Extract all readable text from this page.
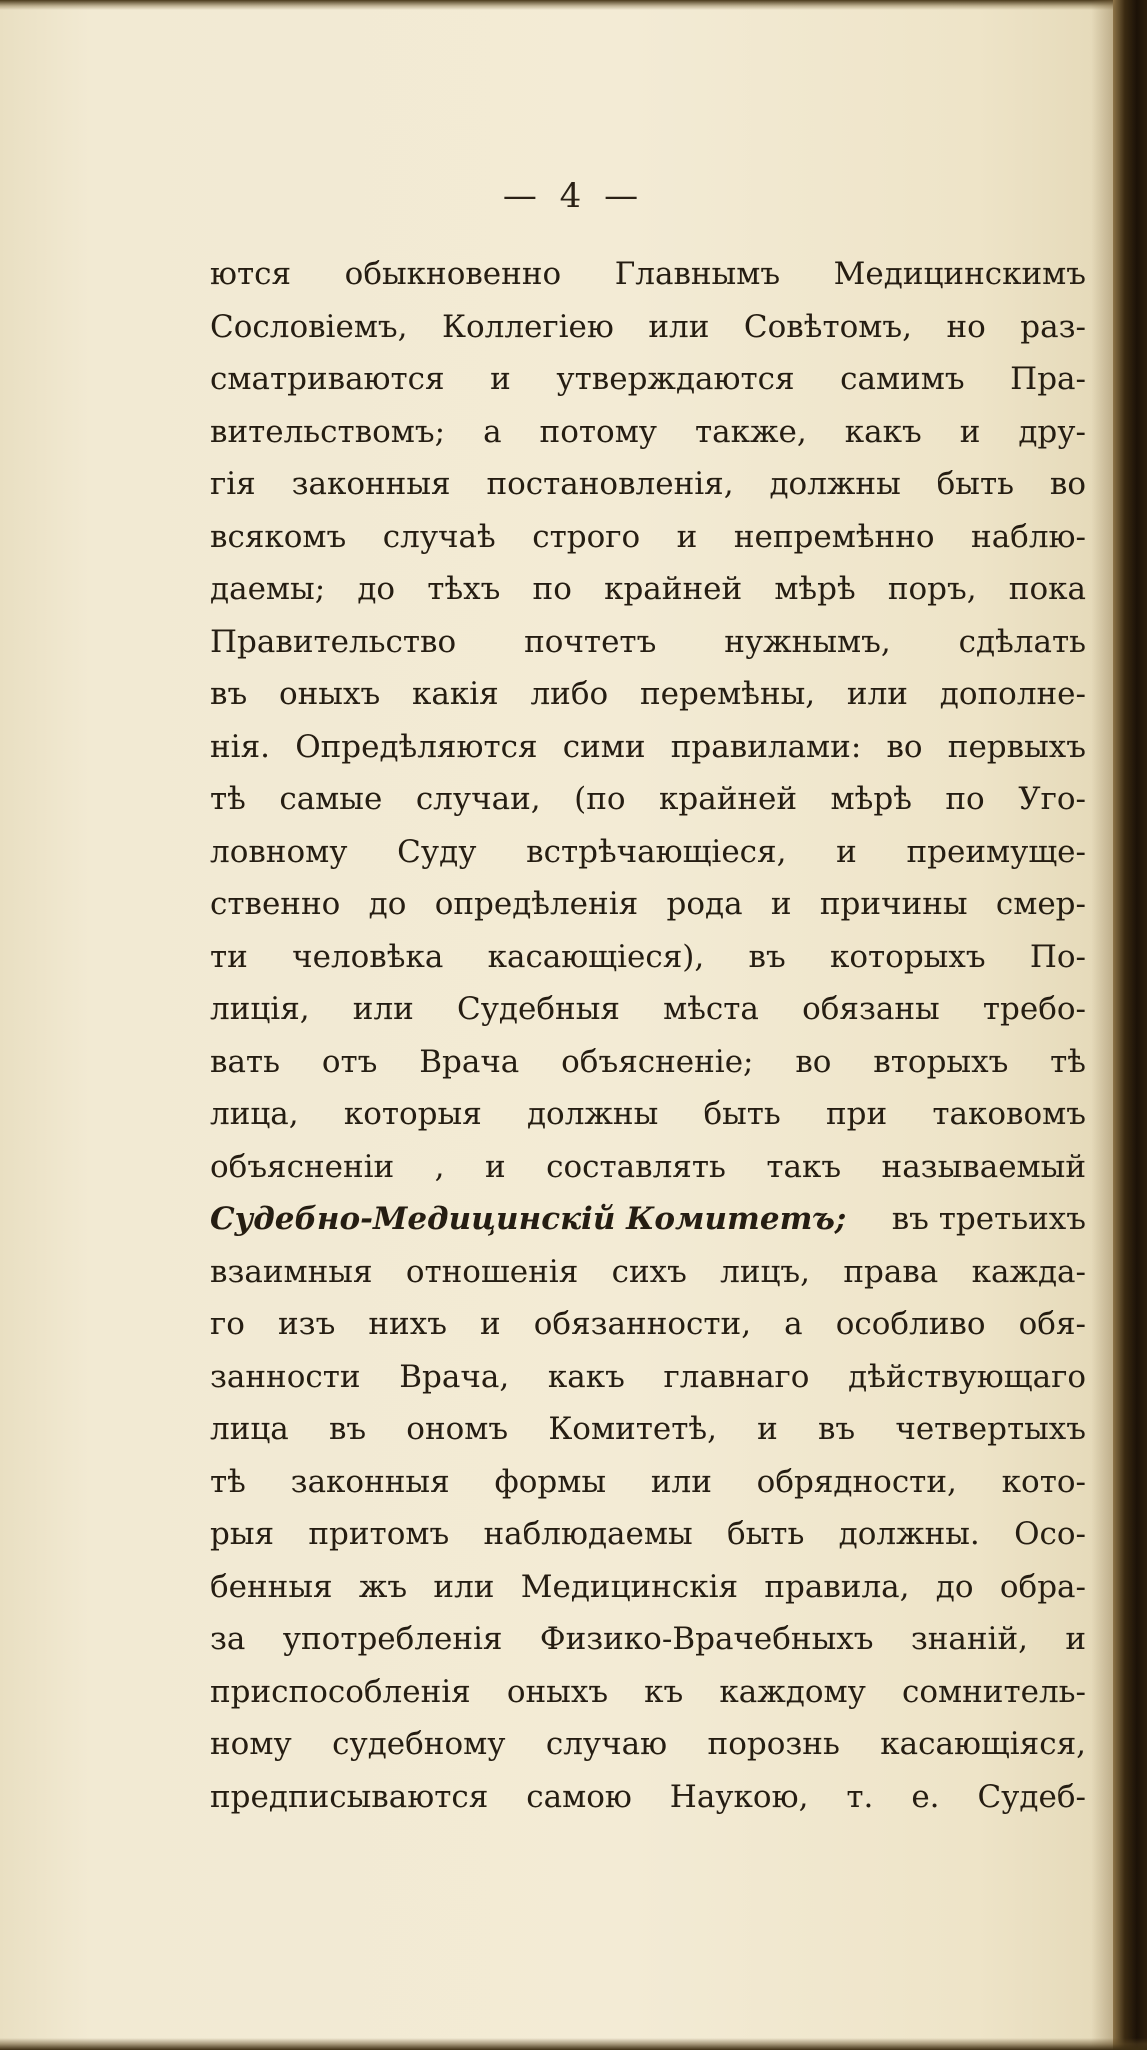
— 4 —
ются обыкновенно Главнымъ Медицинскимъ
Сословіемъ, Коллегіею или Совѣтомъ, но раз-
сматриваются и утверждаются самимъ Пра-
вительствомъ; а потому также, какъ и дру-
гія законныя постановленія, должны быть во
всякомъ случаѣ строго и непремѣнно наблю-
даемы; до тѣхъ по крайней мѣрѣ поръ, пока
Правительство почтетъ нужнымъ, сдѣлать
въ оныхъ какія либо перемѣны, или дополне-
нія. Опредѣляются сими правилами: во первыхъ
тѣ самые случаи, (по крайней мѣрѣ по Уго-
ловному Суду встрѣчающіеся, и преимуще-
ственно до опредѣленія рода и причины смер-
ти человѣка касающіеся), въ которыхъ По-
лиція, или Судебныя мѣста обязаны требо-
вать отъ Врача объясненіе; во вторыхъ тѣ
лица, которыя должны быть при таковомъ
объясненіи , и составлять такъ называемый
Судебно-Медицинскій Комитетъ; въ третьихъ
взаимныя отношенія сихъ лицъ, права кажда-
го изъ нихъ и обязанности, а особливо обя-
занности Врача, какъ главнаго дѣйствующаго
лица въ ономъ Комитетѣ, и въ четвертыхъ
тѣ законныя формы или обрядности, кото-
рыя притомъ наблюдаемы быть должны. Осо-
бенныя жъ или Медицинскія правила, до обра-
за употребленія Физико-Врачебныхъ знаній, и
приспособленія оныхъ къ каждому сомнитель-
ному судебному случаю порознь касающіяся,
предписываются самою Наукою, т. е. Судеб-
